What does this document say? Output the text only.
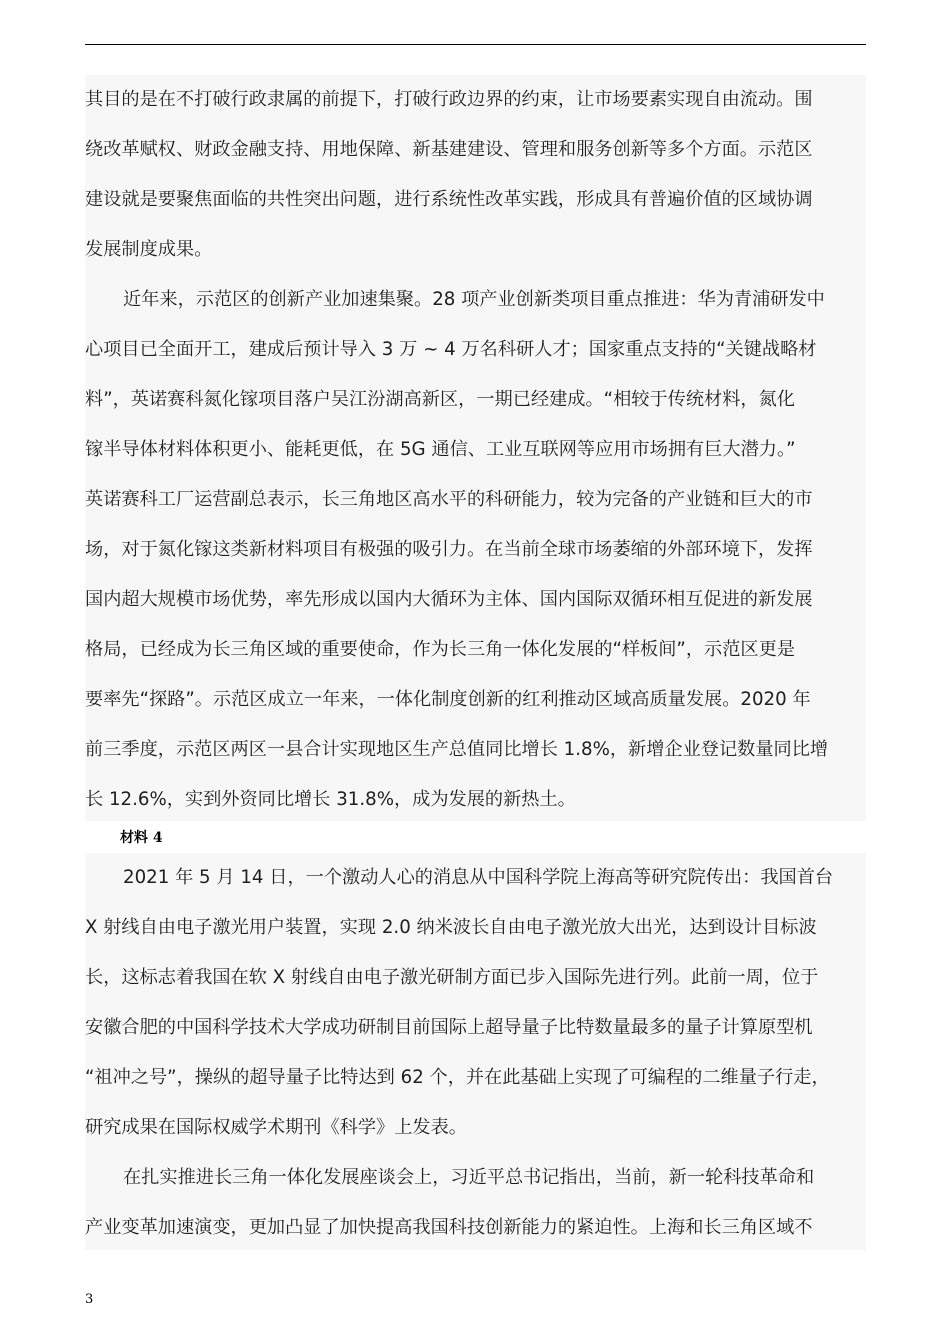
其目的是在不打破行政隶属的前提下，打破行政边界的约束，让市场要素实现自由流动。围
绕改革赋权、财政金融支持、用地保障、新基建建设、管理和服务创新等多个方面。示范区
建设就是要聚焦面临的共性突出问题，进行系统性改革实践，形成具有普遍价值的区域协调
发展制度成果。
近年来，示范区的创新产业加速集聚。28 项产业创新类项目重点推进：华为青浦研发中
心项目已全面开工，建成后预计导入 3 万 ~ 4 万名科研人才；国家重点支持的“关键战略材
料”，英诺赛科氮化镓项目落户吴江汾湖高新区，一期已经建成。“相较于传统材料，氮化
镓半导体材料体积更小、能耗更低，在 5G 通信、工业互联网等应用市场拥有巨大潜力。”
英诺赛科工厂运营副总表示，长三角地区高水平的科研能力，较为完备的产业链和巨大的市
场，对于氮化镓这类新材料项目有极强的吸引力。在当前全球市场萎缩的外部环境下，发挥
国内超大规模市场优势，率先形成以国内大循环为主体、国内国际双循环相互促进的新发展
格局，已经成为长三角区域的重要使命，作为长三角一体化发展的“样板间”，示范区更是
要率先“探路”。示范区成立一年来，一体化制度创新的红利推动区域高质量发展。2020 年
前三季度，示范区两区一县合计实现地区生产总值同比增长 1.8%，新增企业登记数量同比增
长 12.6%，实到外资同比增长 31.8%，成为发展的新热土。
材料 4
2021 年 5 月 14 日，一个激动人心的消息从中国科学院上海高等研究院传出：我国首台
X 射线自由电子激光用户装置，实现 2.0 纳米波长自由电子激光放大出光，达到设计目标波
长，这标志着我国在软 X 射线自由电子激光研制方面已步入国际先进行列。此前一周，位于
安徽合肥的中国科学技术大学成功研制目前国际上超导量子比特数量最多的量子计算原型机
“祖冲之号”，操纵的超导量子比特达到 62 个，并在此基础上实现了可编程的二维量子行走，
研究成果在国际权威学术期刊《科学》上发表。
在扎实推进长三角一体化发展座谈会上，习近平总书记指出，当前，新一轮科技革命和
产业变革加速演变，更加凸显了加快提高我国科技创新能力的紧迫性。上海和长三角区域不
3
